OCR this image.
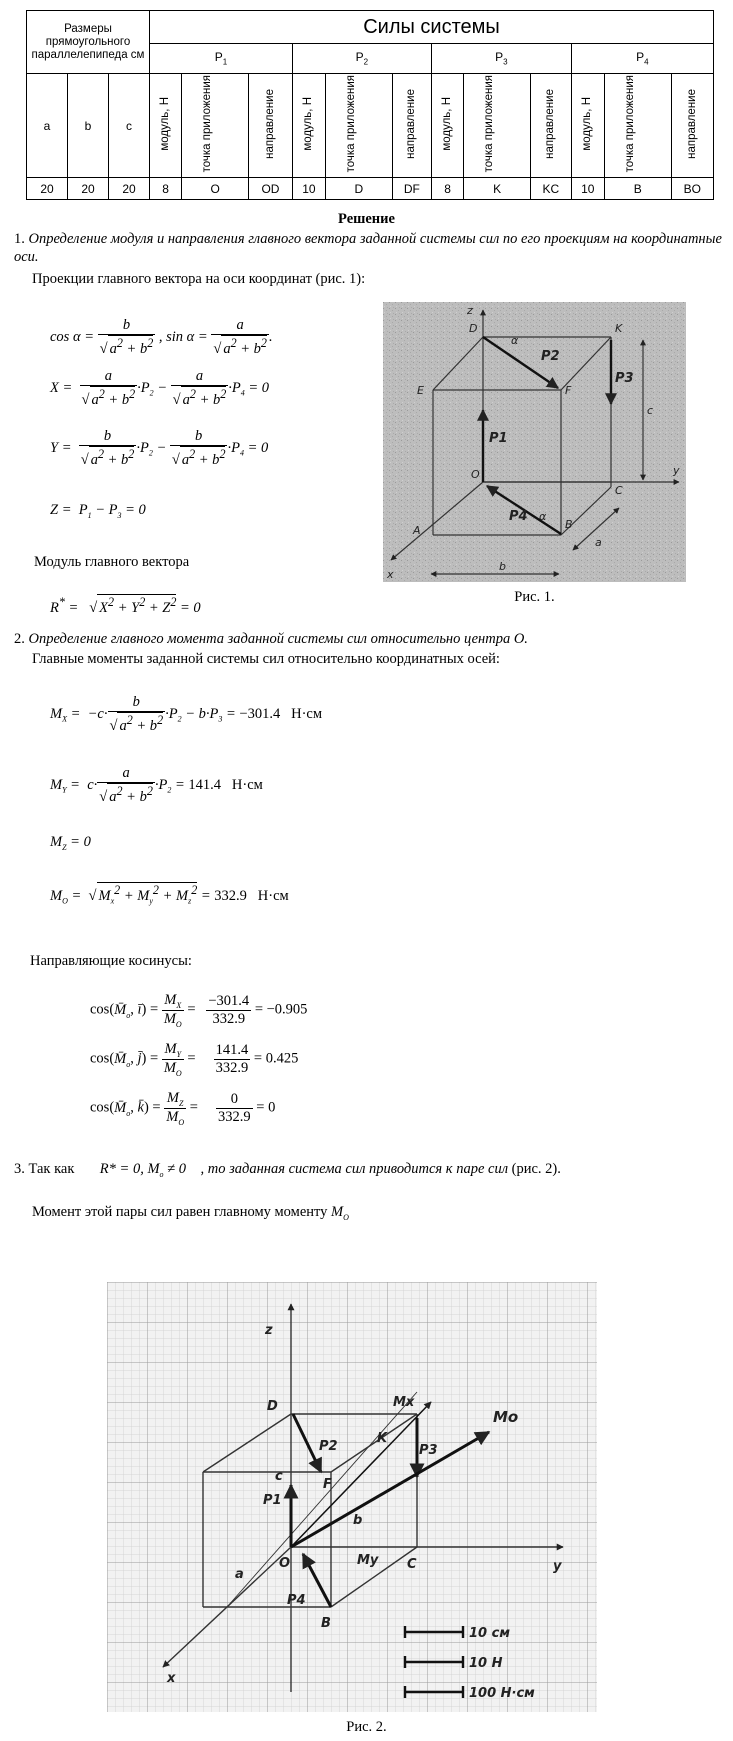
Размеры прямоугольного параллелепипеда см			Силы системы											
			$P_1$			$P_2$			$P_3$			$P_4$
a	b	c	модуль, Н	точка приложения	направление	модуль, Н	точка приложения	направление	модуль, Н	точка приложения	направление	модуль, Н	точка приложения	направление
20	20	20	8	O	OD	10	D	DF	8	K	KC	10	B	BO
Решение
1. Определение модуля и направления главного вектора заданной системы сил по его проекциям на координатные оси.
Проекции главного вектора на оси координат (рис. 1):
$\cos \alpha = \frac{b}{√ a^2 + b^2}$ , $\sin \alpha = \frac{a}{√ a^2 + b^2}$ .
$X = \frac{a}{√ a^2 + b^2} \cdot P_2 - \frac{a}{√ a^2 + b^2} \cdot P_4 = 0$
$Y = \frac{b}{√ a^2 + b^2} \cdot P_2 - \frac{b}{√ a^2 + b^2} \cdot P_4 = 0$
$Z = P_1 - P_3 = 0$
Модуль главного вектора
R* =   √ $X^2 + Y^2 + Z^2 = 0$
z
D	K
E	F
P2
P3
P1
O
C
y
P4
B
A
x
a
c
b
α
α
Рис. 1.
2. Определение главного момента заданной системы сил относительно центра O.
Главные моменты заданной системы сил относительно координатных осей:
$M_X = -c\cdot \frac{b}{√ a^2 + b^2} \cdot P_2 - b\cdot P_3 = -301.4$ Н·см
$M_Y = c\cdot \frac{a}{√ a^2 + b^2} \cdot P_2 = 141.4$ Н·см
$M_Z = 0$
$M_O$ =  √ $M_x^2 + M_y^2 + M_z^2 = 332.9$ Н·см
Направляющие косинусы:
$\cos(M̄_o$, ī) = $\frac{M_X}{M_O} = \frac{-301.4}{332.9} = -0.905$
$\cos(M̄_o$, j̄) = $\frac{M_Y}{M_O} = \frac{141.4}{332.9} = 0.425$
$\cos(M̄_o$, k̄) = $\frac{M_Z}{M_O} = \frac{0}{332.9} = 0$
3. Так как R* = 0, $M_o \ne 0$ , то заданная система сил приводится к паре сил (рис. 2).
Момент этой пары сил равен главному моменту $M_O$
z
D	Mx
K
Mo
P2
F
P3
c
P1
b
O	My C	y
a
P4
B
x
10 см
10 Н
100 Н·см
Рис. 2.
